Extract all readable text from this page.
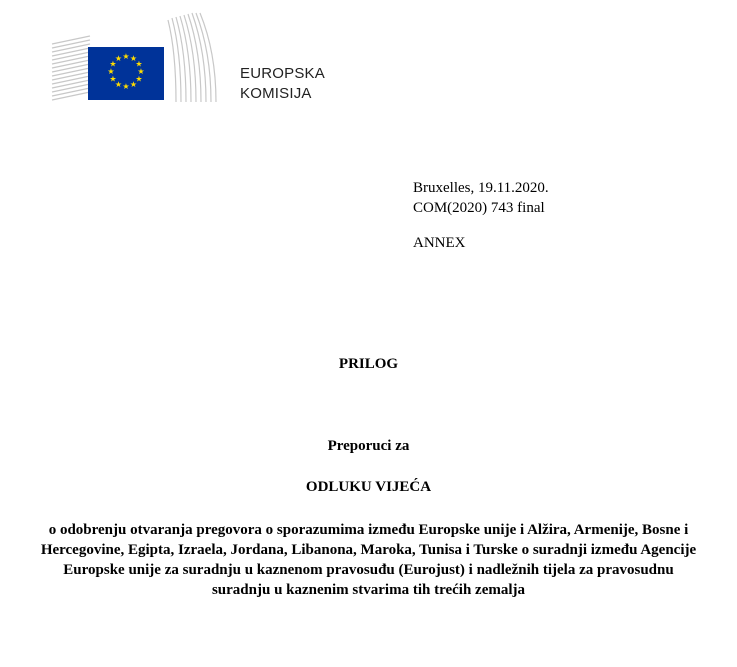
★ ★
★
★
★
★
★
★
★
★
★
★
EUROPSKA
KOMISIJA
Bruxelles, 19.11.2020.
COM(2020) 743 final
ANNEX
PRILOG
Preporuci za
ODLUKU VIJEĆA
o odobrenju otvaranja pregovora o sporazumima između Europske unije i Alžira, Armenije, Bosne i Hercegovine, Egipta, Izraela, Jordana, Libanona, Maroka, Tunisa i Turske o suradnji između Agencije Europske unije za suradnju u kaznenom pravosuđu (Eurojust) i nadležnih tijela za pravosudnu suradnju u kaznenim stvarima tih trećih zemalja
